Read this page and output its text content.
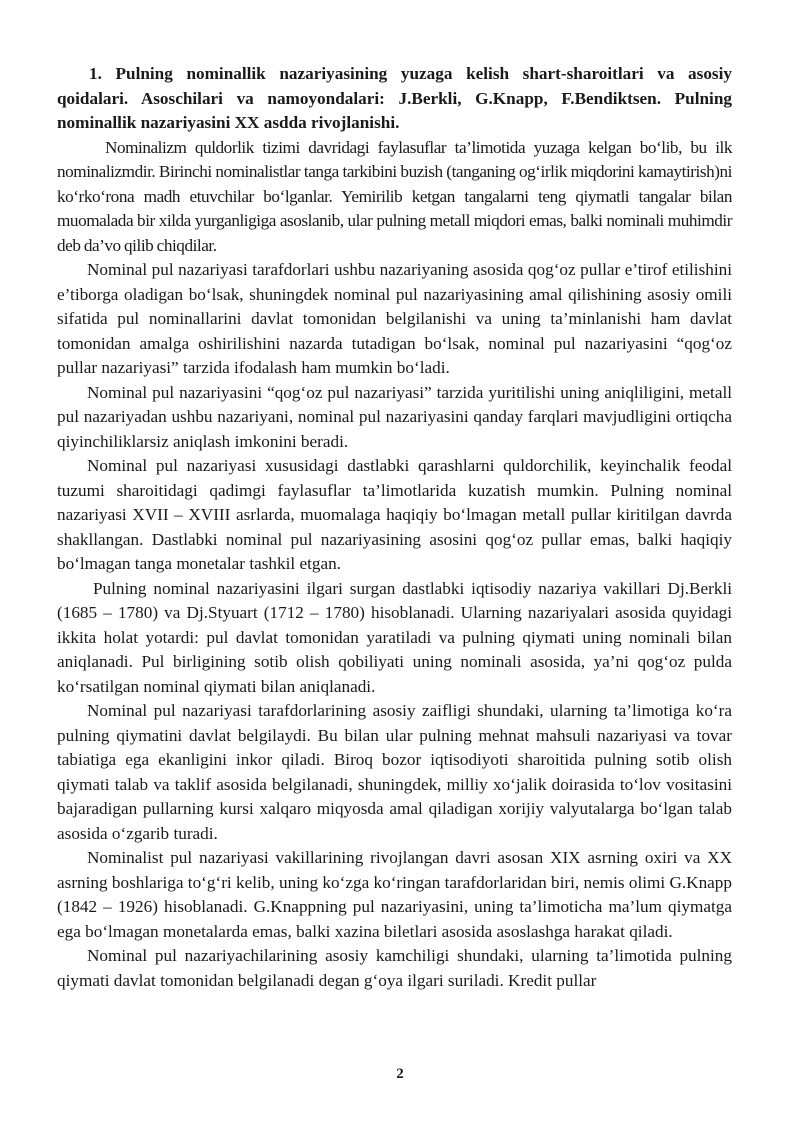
1. Pulning nominallik nazariyasining yuzaga kelish shart-sharoitlari va asosiy qoidalari. Asoschilari va namoyondalari: J.Berkli, G.Knapp, F.Bendiktsen. Pulning nominallik nazariyasini XX asdda rivojlanishi.

Nominalizm quldorlik tizimi davridagi faylasuflar ta’limotida yuzaga kelgan bo‘lib, bu ilk nominalizmdir. Birinchi nominalistlar tanga tarkibini buzish (tanganing og‘irlik miqdorini kamaytirish)ni ko‘rko‘rona madh etuvchilar bo‘lganlar. Yemirilib ketgan tangalarni teng qiymatli tangalar bilan muomalada bir xilda yurganligiga asoslanib, ular pulning metall miqdori emas, balki nominali muhimdir deb da’vo qilib chiqdilar.

Nominal pul nazariyasi tarafdorlari ushbu nazariyaning asosida qog‘oz pullar e’tirof etilishini e’tiborga oladigan bo‘lsak, shuningdek nominal pul nazariyasining amal qilishining asosiy omili sifatida pul nominallarini davlat tomonidan belgilanishi va uning ta’minlanishi ham davlat tomonidan amalga oshirilishini nazarda tutadigan bo‘lsak, nominal pul nazariyasini “qog‘oz pullar nazariyasi” tarzida ifodalash ham mumkin bo‘ladi.

Nominal pul nazariyasini “qog‘oz pul nazariyasi” tarzida yuritilishi uning aniqliligini, metall pul nazariyadan ushbu nazariyani, nominal pul nazariyasini qanday farqlari mavjudligini ortiqcha qiyinchiliklarsiz aniqlash imkonini beradi.

Nominal pul nazariyasi xususidagi dastlabki qarashlarni quldorchilik, keyinchalik feodal tuzumi sharoitidagi qadimgi faylasuflar ta’limotlarida kuzatish mumkin. Pulning nominal nazariyasi XVII – XVIII asrlarda, muomalaga haqiqiy bo‘lmagan metall pullar kiritilgan davrda shakllangan. Dastlabki nominal pul nazariyasining asosini qog‘oz pullar emas, balki haqiqiy bo‘lmagan tanga monetalar tashkil etgan.

Pulning nominal nazariyasini ilgari surgan dastlabki iqtisodiy nazariya vakillari Dj.Berkli (1685 – 1780) va Dj.Styuart (1712 – 1780) hisoblanadi. Ularning nazariyalari asosida quyidagi ikkita holat yotardi: pul davlat tomonidan yaratiladi va pulning qiymati uning nominali bilan aniqlanadi. Pul birligining sotib olish qobiliyati uning nominali asosida, ya’ni qog‘oz pulda ko‘rsatilgan nominal qiymati bilan aniqlanadi.

Nominal pul nazariyasi tarafdorlarining asosiy zaifligi shundaki, ularning ta’limotiga ko‘ra pulning qiymatini davlat belgilaydi. Bu bilan ular pulning mehnat mahsuli nazariyasi va tovar tabiatiga ega ekanligini inkor qiladi. Biroq bozor iqtisodiyoti sharoitida pulning sotib olish qiymati talab va taklif asosida belgilanadi, shuningdek, milliy xo‘jalik doirasida to‘lov vositasini bajaradigan pullarning kursi xalqaro miqyosda amal qiladigan xorijiy valyutalarga bo‘lgan talab asosida o‘zgarib turadi.

Nominalist pul nazariyasi vakillarining rivojlangan davri asosan XIX asrning oxiri va XX asrning boshlariga to‘g‘ri kelib, uning ko‘zga ko‘ringan tarafdorlaridan biri, nemis olimi G.Knapp (1842 – 1926) hisoblanadi. G.Knappning pul nazariyasini, uning ta’limoticha ma’lum qiymatga ega bo‘lmagan monetalarda emas, balki xazina biletlari asosida asoslashga harakat qiladi.

Nominal pul nazariyachilarining asosiy kamchiligi shundaki, ularning ta’limotida pulning qiymati davlat tomonidan belgilanadi degan g‘oya ilgari suriladi. Kredit pullar

2
